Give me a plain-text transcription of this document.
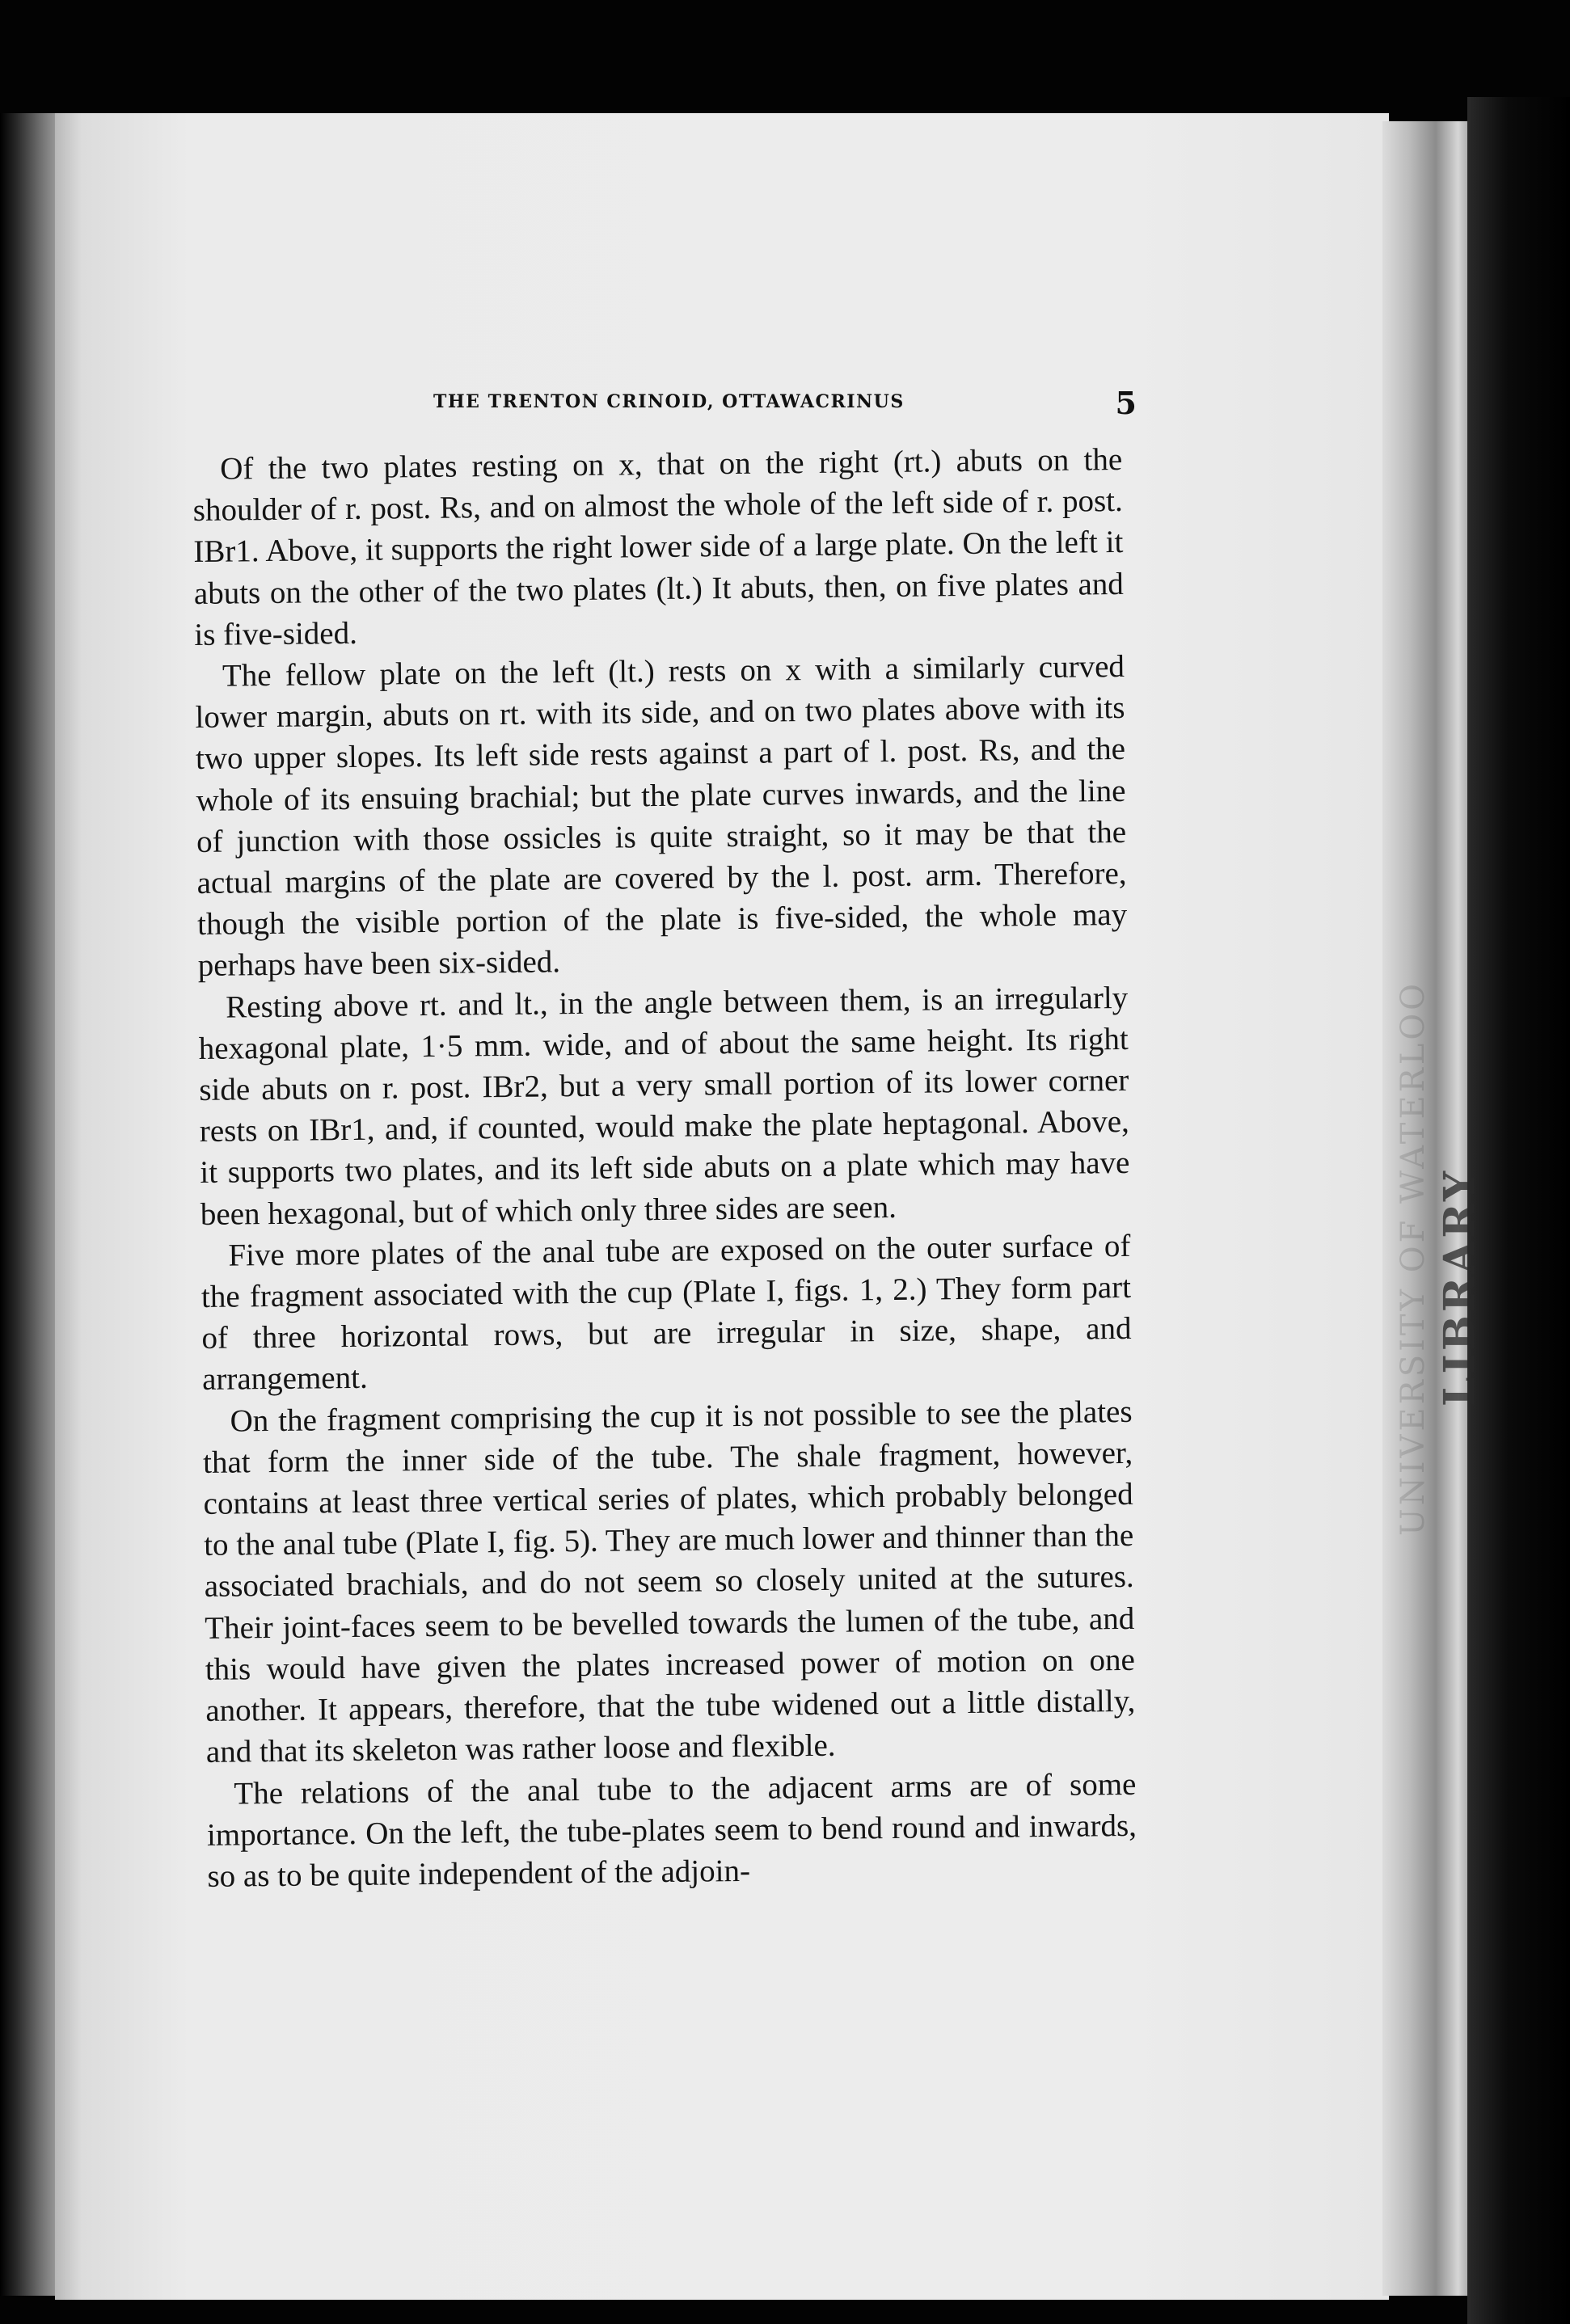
UNIVERSITY OF WATERLOO LIBRARY
THE TRENTON CRINOID, OTTAWACRINUS	5

Of the two plates resting on x, that on the right (rt.) abuts on the shoulder of r. post. Rs, and on almost the whole of the left side of r. post. IBr1. Above, it supports the right lower side of a large plate. On the left it abuts on the other of the two plates (lt.) It abuts, then, on five plates and is five-sided.

The fellow plate on the left (lt.) rests on x with a similarly curved lower margin, abuts on rt. with its side, and on two plates above with its two upper slopes. Its left side rests against a part of l. post. Rs, and the whole of its ensuing brachial; but the plate curves inwards, and the line of junction with those ossicles is quite straight, so it may be that the actual margins of the plate are covered by the l. post. arm. Therefore, though the visible portion of the plate is five-sided, the whole may perhaps have been six-sided.

Resting above rt. and lt., in the angle between them, is an irregularly hexagonal plate, 1·5 mm. wide, and of about the same height. Its right side abuts on r. post. IBr2, but a very small portion of its lower corner rests on IBr1, and, if counted, would make the plate heptagonal. Above, it supports two plates, and its left side abuts on a plate which may have been hexagonal, but of which only three sides are seen.

Five more plates of the anal tube are exposed on the outer surface of the fragment associated with the cup (Plate I, figs. 1, 2.) They form part of three horizontal rows, but are irregular in size, shape, and arrangement.

On the fragment comprising the cup it is not possible to see the plates that form the inner side of the tube. The shale fragment, however, contains at least three vertical series of plates, which probably belonged to the anal tube (Plate I, fig. 5). They are much lower and thinner than the associated brachials, and do not seem so closely united at the sutures. Their joint-faces seem to be bevelled towards the lumen of the tube, and this would have given the plates increased power of motion on one another. It appears, therefore, that the tube widened out a little distally, and that its skeleton was rather loose and flexible.

The relations of the anal tube to the adjacent arms are of some importance. On the left, the tube-plates seem to bend round and inwards, so as to be quite independent of the adjoin-
